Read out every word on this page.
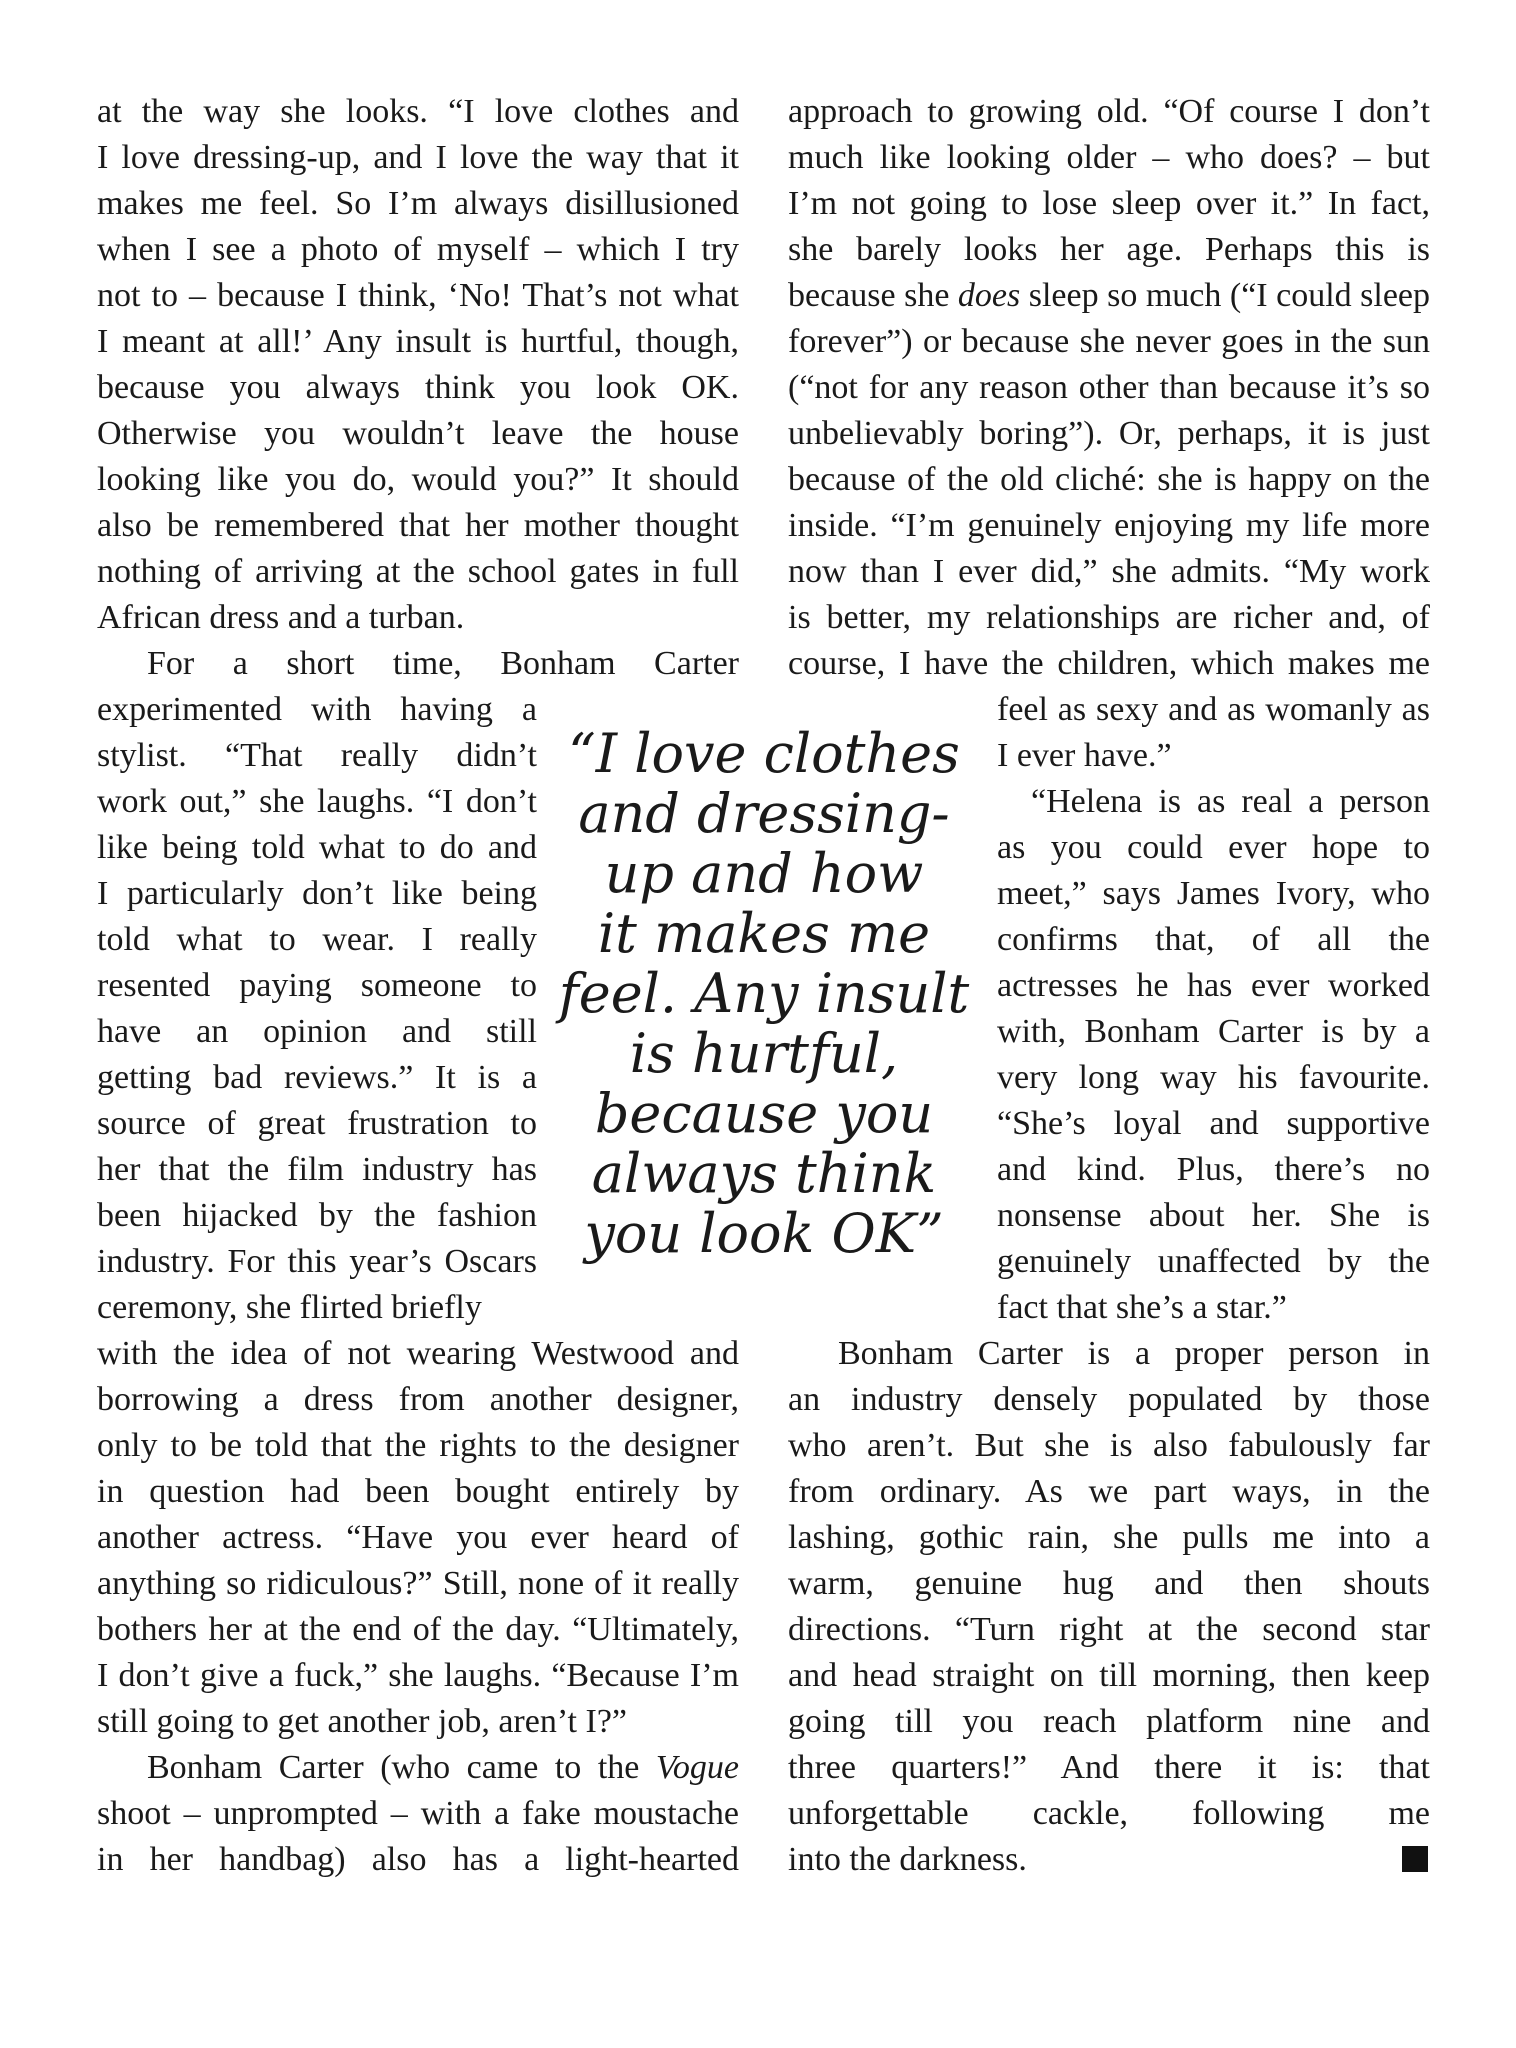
at the way she looks. “I love clothes and
I love dressing-up, and I love the way that it
makes me feel. So I’m always disillusioned
when I see a photo of myself – which I try
not to – because I think, ‘No! That’s not what
I meant at all!’ Any insult is hurtful, though,
because you always think you look OK.
Otherwise you wouldn’t leave the house
looking like you do, would you?” It should
also be remembered that her mother thought
nothing of arriving at the school gates in full
African dress and a turban.
For a short time, Bonham Carter
experimented with having a
stylist. “That really didn’t
work out,” she laughs. “I don’t
like being told what to do and
I particularly don’t like being
told what to wear. I really
resented paying someone to
have an opinion and still
getting bad reviews.” It is a
source of great frustration to
her that the film industry has
been hijacked by the fashion
industry. For this year’s Oscars
ceremony, she flirted briefly
with the idea of not wearing Westwood and
borrowing a dress from another designer,
only to be told that the rights to the designer
in question had been bought entirely by
another actress. “Have you ever heard of
anything so ridiculous?” Still, none of it really
bothers her at the end of the day. “Ultimately,
I don’t give a fuck,” she laughs. “Because I’m
still going to get another job, aren’t I?”
Bonham Carter (who came to the Vogue
shoot – unprompted – with a fake moustache
in her handbag) also has a light-hearted
approach to growing old. “Of course I don’t
much like looking older – who does? – but
I’m not going to lose sleep over it.” In fact,
she barely looks her age. Perhaps this is
because she does sleep so much (“I could sleep
forever”) or because she never goes in the sun
(“not for any reason other than because it’s so
unbelievably boring”). Or, perhaps, it is just
because of the old cliché: she is happy on the
inside. “I’m genuinely enjoying my life more
now than I ever did,” she admits. “My work
is better, my relationships are richer and, of
course, I have the children, which makes me
feel as sexy and as womanly as
I ever have.”
“Helena is as real a person
as you could ever hope to
meet,” says James Ivory, who
confirms that, of all the
actresses he has ever worked
with, Bonham Carter is by a
very long way his favourite.
“She’s loyal and supportive
and kind. Plus, there’s no
nonsense about her. She is
genuinely unaffected by the
fact that she’s a star.”
Bonham Carter is a proper person in
an industry densely populated by those
who aren’t. But she is also fabulously far
from ordinary. As we part ways, in the
lashing, gothic rain, she pulls me into a
warm, genuine hug and then shouts
directions. “Turn right at the second star
and head straight on till morning, then keep
going till you reach platform nine and
three quarters!” And there it is: that
unforgettable cackle, following me
into the darkness.
“I love clothes
and dressing-
up and how
it makes me
feel. Any insult
is hurtful,
because you
always think
you look OK”
